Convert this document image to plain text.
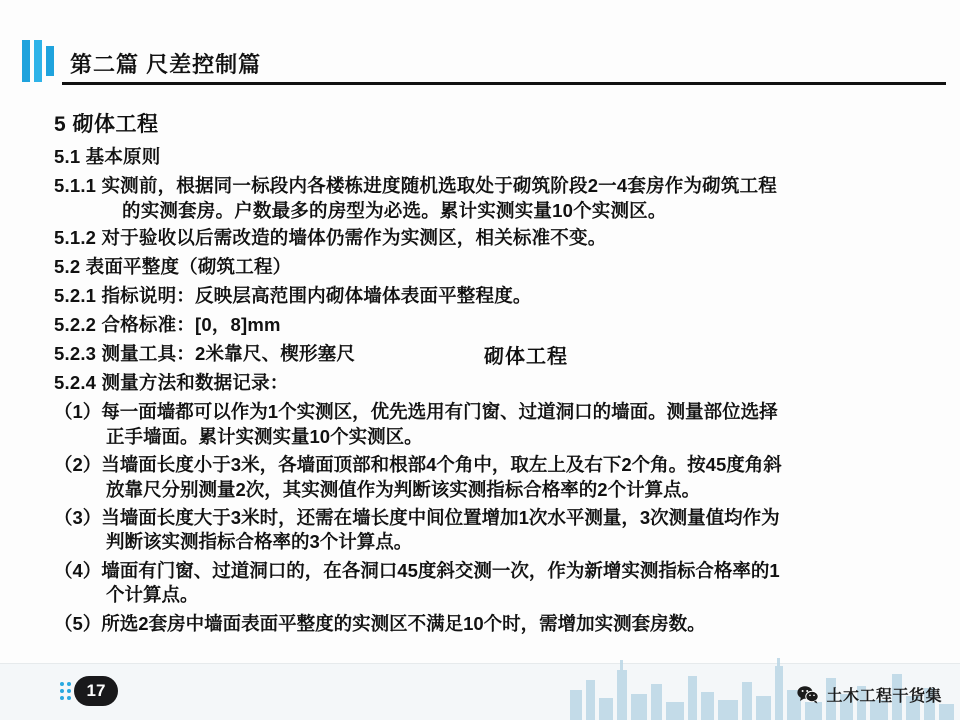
第二篇 尺差控制篇
5 砌体工程
5.1 基本原则
5.1.1 实测前，根据同一标段内各楼栋进度随机选取处于砌筑阶段2一4套房作为砌筑工程
的实测套房。户数最多的房型为必选。累计实测实量10个实测区。
5.1.2 对于验收以后需改造的墙体仍需作为实测区，相关标准不变。
5.2 表面平整度（砌筑工程）
5.2.1 指标说明：反映层高范围内砌体墙体表面平整程度。
5.2.2 合格标准：[0，8]mm
5.2.3 测量工具：2米靠尺、楔形塞尺
5.2.4 测量方法和数据记录：
（1）每一面墙都可以作为1个实测区，优先选用有门窗、过道洞口的墙面。测量部位选择
正手墙面。累计实测实量10个实测区。
（2）当墙面长度小于3米，各墙面顶部和根部4个角中，取左上及右下2个角。按45度角斜
放靠尺分别测量2次，其实测值作为判断该实测指标合格率的2个计算点。
（3）当墙面长度大于3米时，还需在墙长度中间位置增加1次水平测量，3次测量值均作为
判断该实测指标合格率的3个计算点。
（4）墙面有门窗、过道洞口的，在各洞口45度斜交测一次，作为新增实测指标合格率的1
个计算点。
（5）所选2套房中墙面表面平整度的实测区不满足10个时，需增加实测套房数。
砌体工程
17	土木工程干货集
